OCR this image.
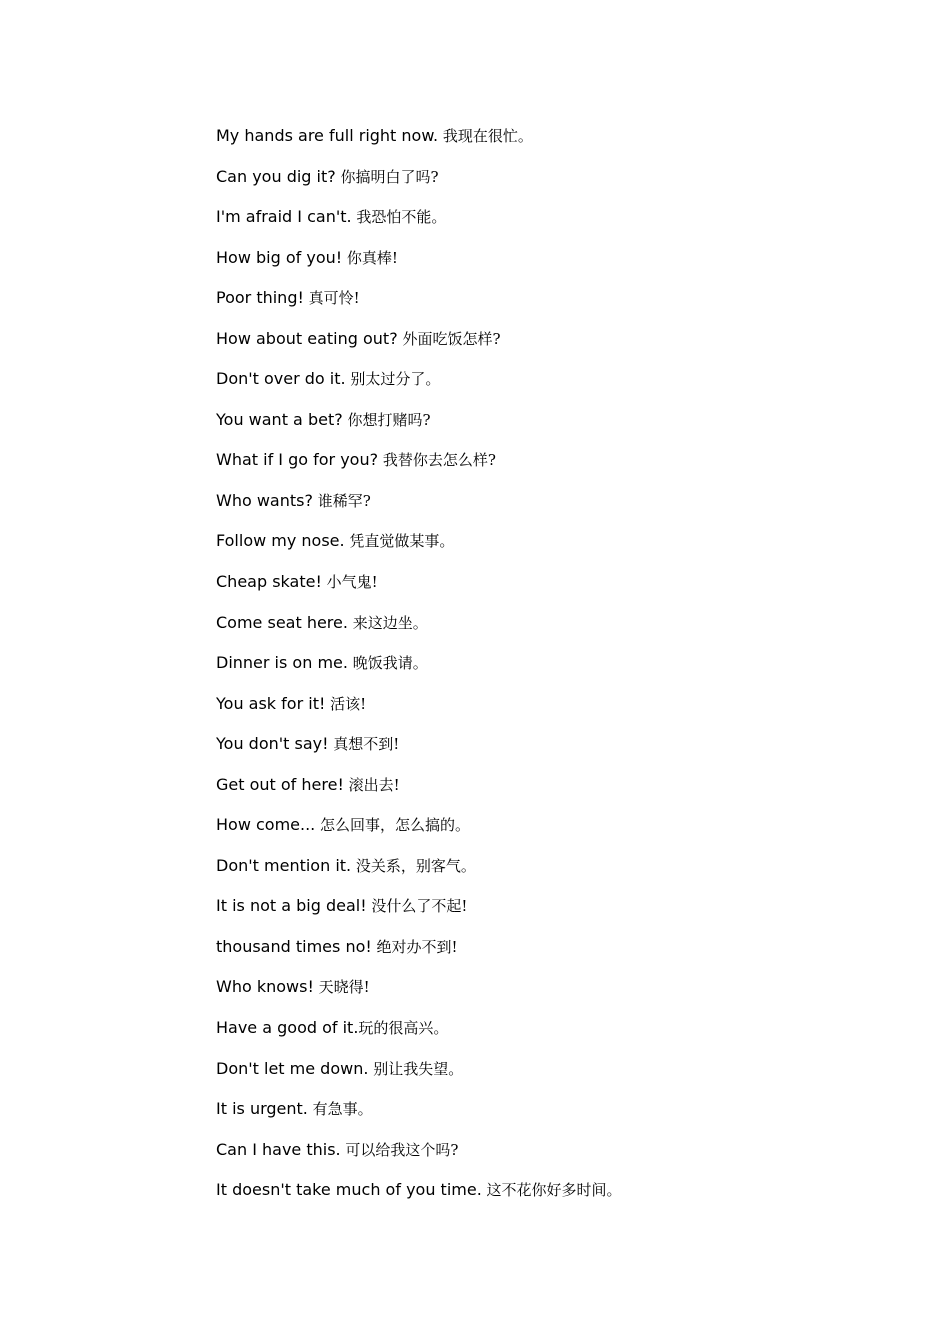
My hands are full right now. 我现在很忙。
Can you dig it? 你搞明白了吗?
I'm afraid I can't. 我恐怕不能。
How big of you! 你真棒!
Poor thing! 真可怜!
How about eating out? 外面吃饭怎样?
Don't over do it. 别太过分了。
You want a bet? 你想打赌吗?
What if I go for you? 我替你去怎么样?
Who wants? 谁稀罕?
Follow my nose. 凭直觉做某事。
Cheap skate! 小气鬼!
Come seat here. 来这边坐。
Dinner is on me. 晚饭我请。
You ask for it! 活该!
You don't say! 真想不到!
Get out of here! 滚出去!
How come... 怎么回事，怎么搞的。
Don't mention it. 没关系，别客气。
It is not a big deal! 没什么了不起!
thousand times no! 绝对办不到!
Who knows! 天晓得!
Have a good of it.玩的很高兴。
Don't let me down. 别让我失望。
It is urgent. 有急事。
Can I have this. 可以给我这个吗?
It doesn't take much of you time. 这不花你好多时间。
